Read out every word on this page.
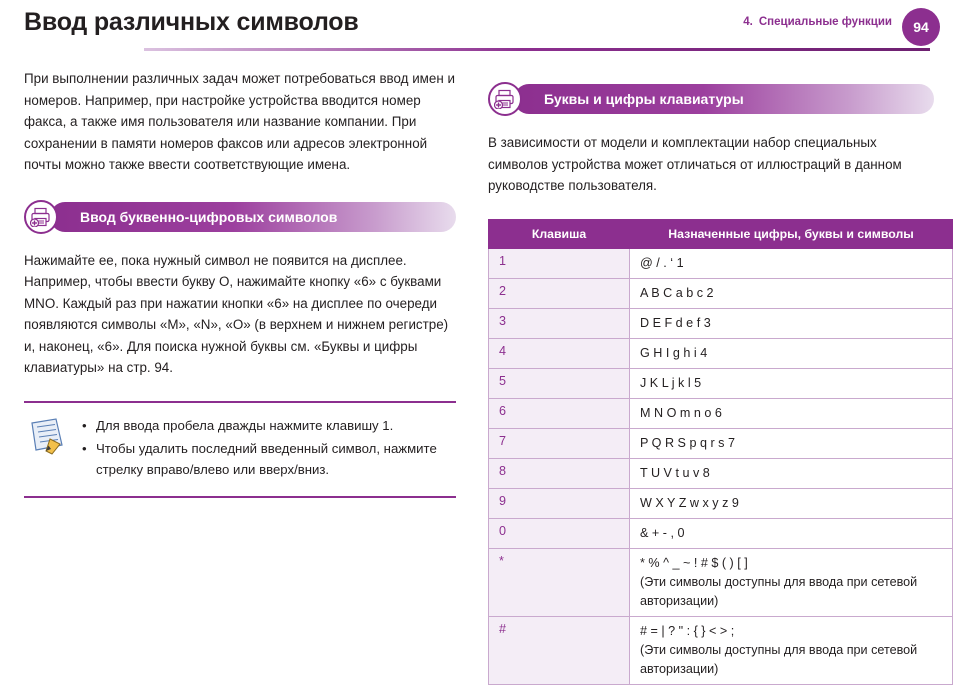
Ввод различных символов	4. Специальные функции	94

При выполнении различных задач может потребоваться ввод имен и номеров. Например, при настройке устройства вводится номер факса, а также имя пользователя или название компании. При сохранении в памяти номеров факсов или адресов электронной почты можно также ввести соответствующие имена.

Ввод буквенно-цифровых символов

Нажимайте ее, пока нужный символ не появится на дисплее. Например, чтобы ввести букву O, нажимайте кнопку «6» с буквами MNO. Каждый раз при нажатии кнопки «6» на дисплее по очереди появляются символы «M», «N», «O» (в верхнем и нижнем регистре) и, наконец, «6». Для поиска нужной буквы см. «Буквы и цифры клавиатуры» на стр. 94.

• Для ввода пробела дважды нажмите клавишу 1.
• Чтобы удалить последний введенный символ, нажмите стрелку вправо/влево или вверх/вниз.
Буквы и цифры клавиатуры

В зависимости от модели и комплектации набор специальных символов устройства может отличаться от иллюстраций в данном руководстве пользователя.

Клавиша	Назначенные цифры, буквы и символы
1	@ / . ‘ 1
2	A B C a b c 2
3	D E F d e f 3
4	G H I g h i 4
5	J K L j k l 5
6	M N O m n o 6
7	P Q R S p q r s 7
8	T U V t u v 8
9	W X Y Z w x y z 9
0	& + - , 0
*	* % ^ _ ~ ! # $ ( ) [ ]
(Эти символы доступны для ввода при сетевой авторизации)

#	# = | ? " : { } < > ;
(Эти символы доступны для ввода при сетевой авторизации)
